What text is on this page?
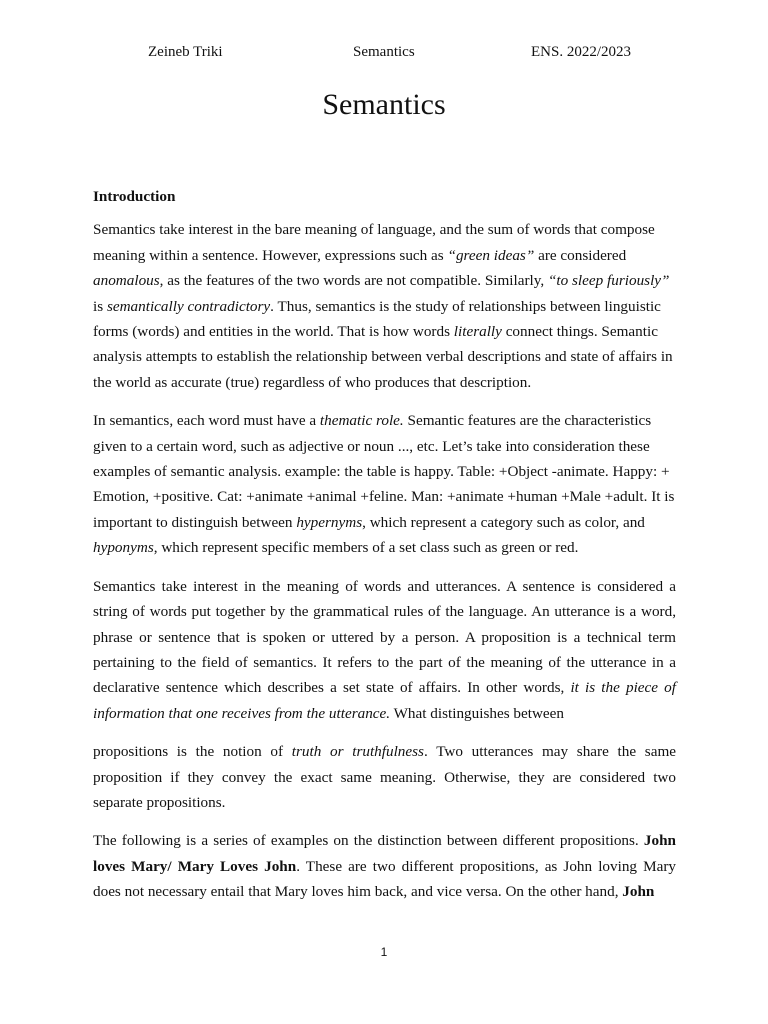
Zeineb Triki	Semantics	ENS. 2022/2023
Semantics
Introduction

Semantics take interest in the bare meaning of language, and the sum of words that compose meaning within a sentence. However, expressions such as “green ideas” are considered anomalous, as the features of the two words are not compatible. Similarly, “to sleep furiously” is semantically contradictory. Thus, semantics is the study of relationships between linguistic forms (words) and entities in the world. That is how words literally connect things. Semantic analysis attempts to establish the relationship between verbal descriptions and state of affairs in the world as accurate (true) regardless of who produces that description.

In semantics, each word must have a thematic role. Semantic features are the characteristics given to a certain word, such as adjective or noun ..., etc. Let’s take into consideration these examples of semantic analysis. example: the table is happy. Table: +Object -animate. Happy: + Emotion, +positive. Cat: +animate +animal +feline. Man: +animate +human +Male +adult. It is important to distinguish between hypernyms, which represent a category such as color, and hyponyms, which represent specific members of a set class such as green or red.

Semantics take interest in the meaning of words and utterances. A sentence is considered a string of words put together by the grammatical rules of the language. An utterance is a word, phrase or sentence that is spoken or uttered by a person. A proposition is a technical term pertaining to the field of semantics. It refers to the part of the meaning of the utterance in a declarative sentence which describes a set state of affairs. In other words, it is the piece of information that one receives from the utterance. What distinguishes between

propositions is the notion of truth or truthfulness. Two utterances may share the same proposition if they convey the exact same meaning. Otherwise, they are considered two separate propositions.

The following is a series of examples on the distinction between different propositions. John loves Mary/ Mary Loves John. These are two different propositions, as John loving Mary does not necessary entail that Mary loves him back, and vice versa. On the other hand, John

1
